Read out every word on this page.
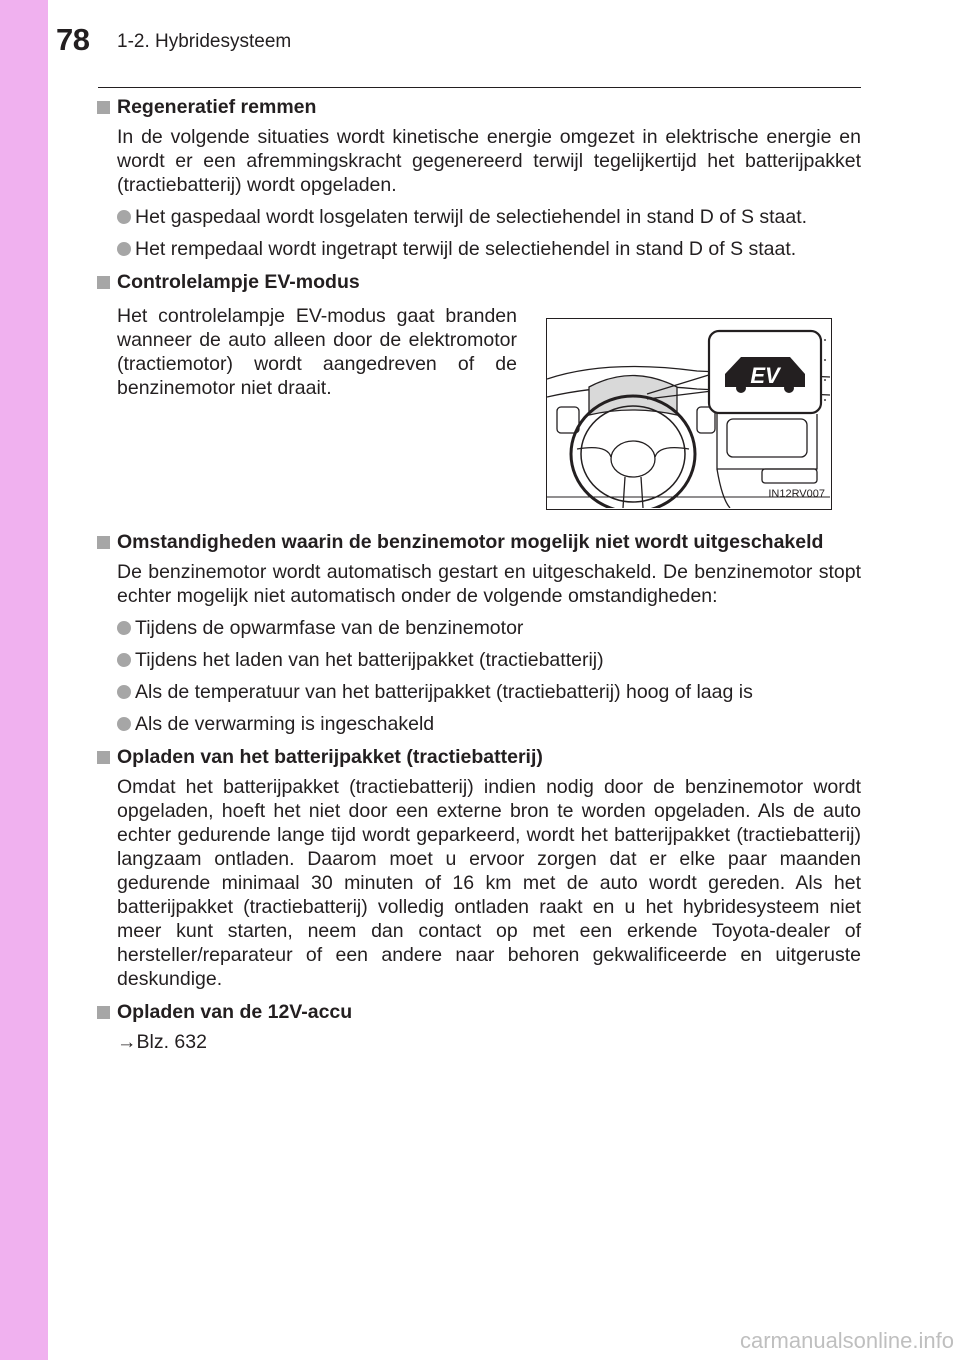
78 1-2. Hybridesysteem
Regeneratief remmen

In de volgende situaties wordt kinetische energie omgezet in elektrische energie en wordt er een afremmingskracht gegenereerd terwijl tegelijkertijd het batterijpakket (tractiebatterij) wordt opgeladen.

Het gaspedaal wordt losgelaten terwijl de selectiehendel in stand D of S staat.
Het rempedaal wordt ingetrapt terwijl de selectiehendel in stand D of S staat.
Controlelampje EV-modus

Het controlelampje EV-modus gaat branden wanneer de auto alleen door de elektromotor (tractiemotor) wordt aangedreven of de benzinemotor niet draait.	EV
IN12RV007
Omstandigheden waarin de benzinemotor mogelijk niet wordt uitgeschakeld

De benzinemotor wordt automatisch gestart en uitgeschakeld. De benzinemotor stopt echter mogelijk niet automatisch onder de volgende omstandigheden:

Tijdens de opwarmfase van de benzinemotor
Tijdens het laden van het batterijpakket (tractiebatterij)
Als de temperatuur van het batterijpakket (tractiebatterij) hoog of laag is
Als de verwarming is ingeschakeld
Opladen van het batterijpakket (tractiebatterij)

Omdat het batterijpakket (tractiebatterij) indien nodig door de benzinemotor wordt opgeladen, hoeft het niet door een externe bron te worden opgeladen. Als de auto echter gedurende lange tijd wordt geparkeerd, wordt het batterijpakket (tractiebatterij) langzaam ontladen. Daarom moet u ervoor zorgen dat er elke paar maanden gedurende minimaal 30 minuten of 16 km met de auto wordt gereden. Als het batterijpakket (tractiebatterij) volledig ontladen raakt en u het hybridesysteem niet meer kunt starten, neem dan contact op met een erkende Toyota-dealer of hersteller/reparateur of een andere naar behoren gekwalificeerde en uitgeruste deskundige.

Opladen van de 12V-accu
→Blz. 632
carmanualsonline.info
